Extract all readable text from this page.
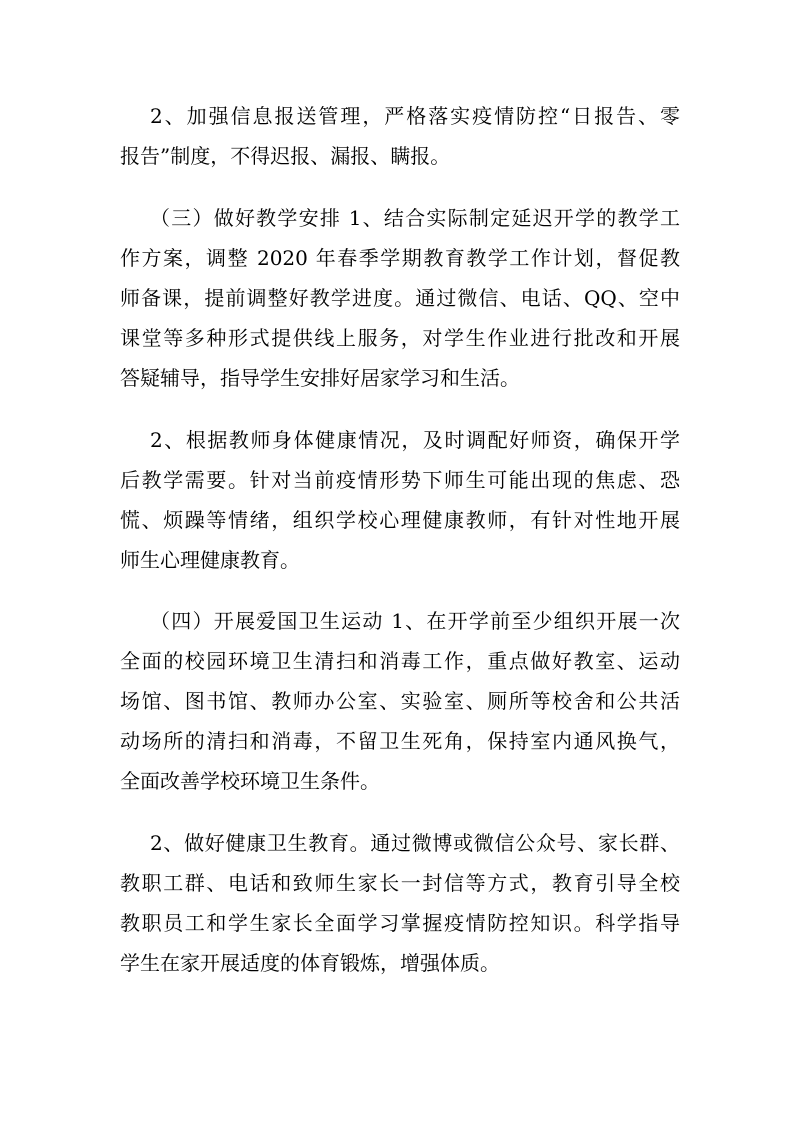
2、加强信息报送管理，严格落实疫情防控“日报告、零
报告”制度，不得迟报、漏报、瞒报。
（三）做好教学安排 1、结合实际制定延迟开学的教学工
作方案，调整 2020 年春季学期教育教学工作计划，督促教
师备课，提前调整好教学进度。通过微信、电话、QQ、空中
课堂等多种形式提供线上服务，对学生作业进行批改和开展
答疑辅导，指导学生安排好居家学习和生活。
2、根据教师身体健康情况，及时调配好师资，确保开学
后教学需要。针对当前疫情形势下师生可能出现的焦虑、恐
慌、烦躁等情绪，组织学校心理健康教师，有针对性地开展
师生心理健康教育。
（四）开展爱国卫生运动 1、在开学前至少组织开展一次
全面的校园环境卫生清扫和消毒工作，重点做好教室、运动
场馆、图书馆、教师办公室、实验室、厕所等校舍和公共活
动场所的清扫和消毒，不留卫生死角，保持室内通风换气，
全面改善学校环境卫生条件。
2、做好健康卫生教育。通过微博或微信公众号、家长群、
教职工群、电话和致师生家长一封信等方式，教育引导全校
教职员工和学生家长全面学习掌握疫情防控知识。科学指导
学生在家开展适度的体育锻炼，增强体质。
